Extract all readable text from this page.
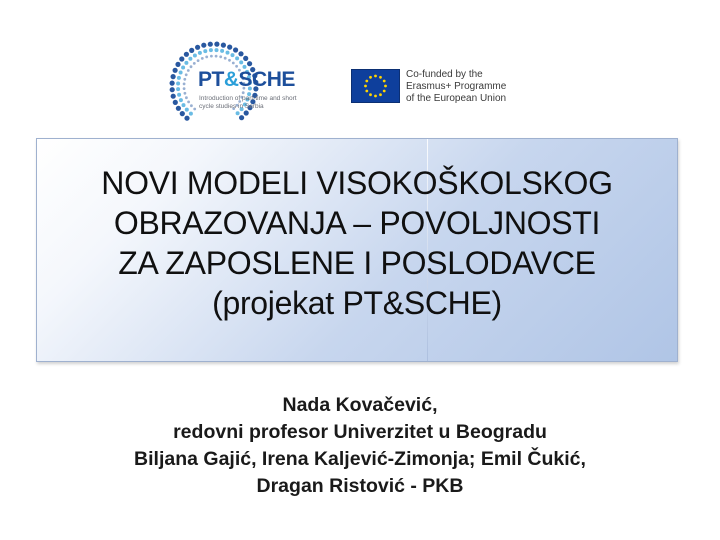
PT&SCHE
Introduction of part-time and short cycle studies in Serbia
Co-funded by the
Erasmus+ Programme
of the European Union
NOVI MODELI VISOKOŠKOLSKOG
OBRAZOVANJA – POVOLJNOSTI
ZA ZAPOSLENE I POSLODAVCE
(projekat PT&SCHE)
Nada Kovačević,
redovni profesor Univerzitet u Beogradu
Biljana Gajić, Irena Kaljević-Zimonja; Emil Čukić,
Dragan Ristović - PKB
